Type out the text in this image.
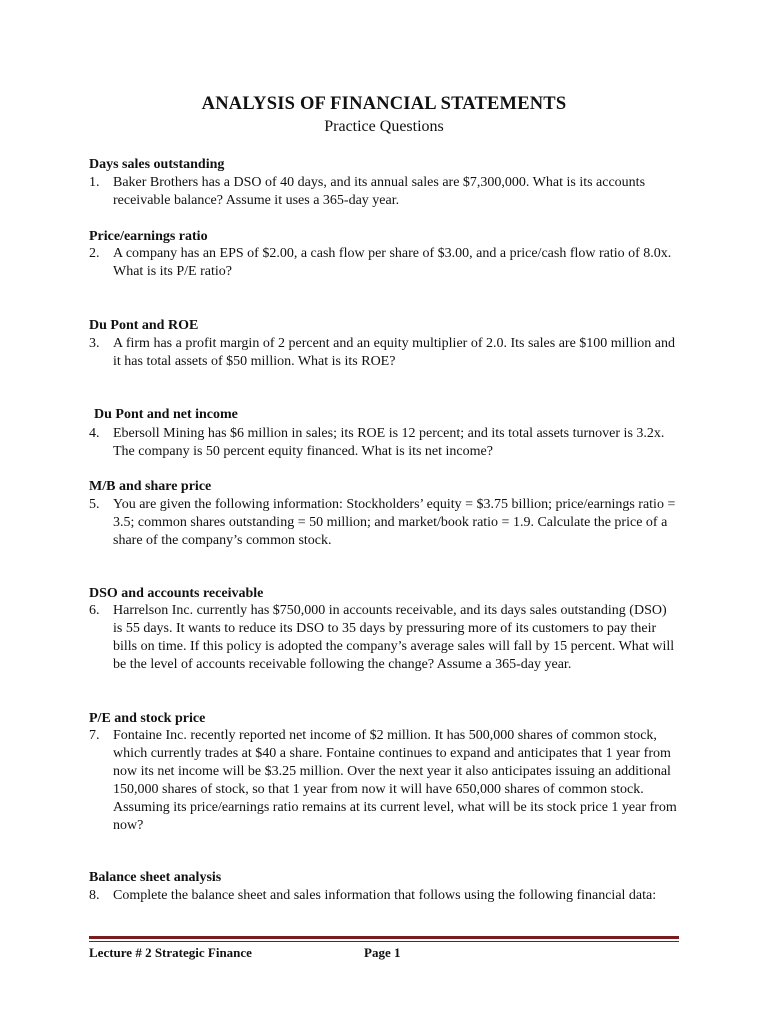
ANALYSIS OF FINANCIAL STATEMENTS
Practice Questions
Days sales outstanding
1. Baker Brothers has a DSO of 40 days, and its annual sales are $7,300,000. What is its accounts receivable balance? Assume it uses a 365-day year.
Price/earnings ratio
2. A company has an EPS of $2.00, a cash flow per share of $3.00, and a price/cash flow ratio of 8.0x. What is its P/E ratio?
Du Pont and ROE
3. A firm has a profit margin of 2 percent and an equity multiplier of 2.0. Its sales are $100 million and it has total assets of $50 million. What is its ROE?
Du Pont and net income
4. Ebersoll Mining has $6 million in sales; its ROE is 12 percent; and its total assets turnover is 3.2x. The company is 50 percent equity financed. What is its net income?
M/B and share price
5. You are given the following information: Stockholders’ equity = $3.75 billion; price/earnings ratio = 3.5; common shares outstanding = 50 million; and market/book ratio = 1.9. Calculate the price of a share of the company’s common stock.
DSO and accounts receivable
6. Harrelson Inc. currently has $750,000 in accounts receivable, and its days sales outstanding (DSO) is 55 days. It wants to reduce its DSO to 35 days by pressuring more of its customers to pay their bills on time. If this policy is adopted the company’s average sales will fall by 15 percent. What will be the level of accounts receivable following the change? Assume a 365-day year.
P/E and stock price
7. Fontaine Inc. recently reported net income of $2 million. It has 500,000 shares of common stock, which currently trades at $40 a share. Fontaine continues to expand and anticipates that 1 year from now its net income will be $3.25 million. Over the next year it also anticipates issuing an additional 150,000 shares of stock, so that 1 year from now it will have 650,000 shares of common stock. Assuming its price/earnings ratio remains at its current level, what will be its stock price 1 year from now?
Balance sheet analysis
8. Complete the balance sheet and sales information that follows using the following financial data:
Lecture # 2 Strategic Finance	Page 1
